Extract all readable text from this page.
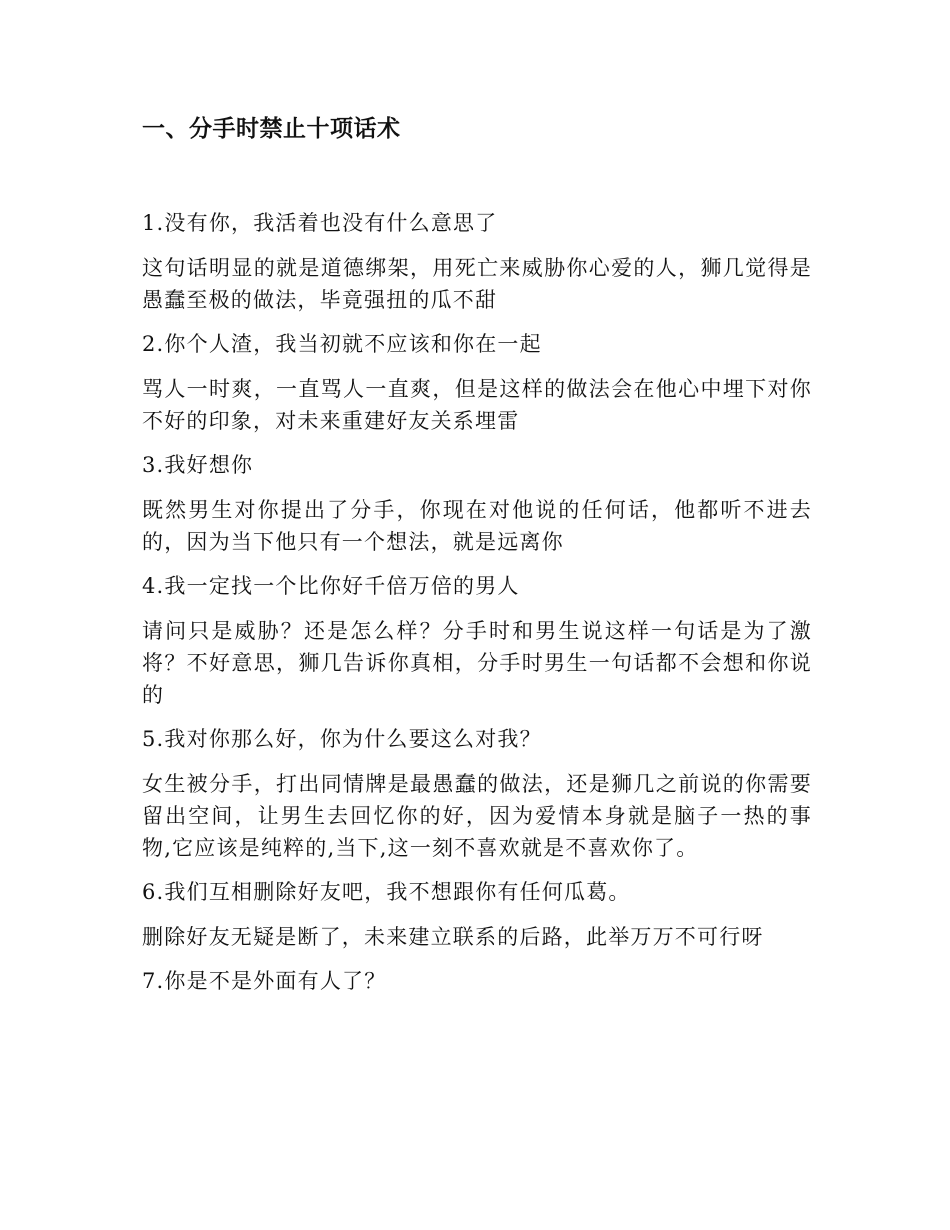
一、分手时禁止十项话术

1.没有你，我活着也没有什么意思了

这句话明显的就是道德绑架，用死亡来威胁你心爱的人，狮几觉得是愚蠢至极的做法，毕竟强扭的瓜不甜

2.你个人渣，我当初就不应该和你在一起

骂人一时爽，一直骂人一直爽，但是这样的做法会在他心中埋下对你不好的印象，对未来重建好友关系埋雷

3.我好想你

既然男生对你提出了分手，你现在对他说的任何话，他都听不进去的，因为当下他只有一个想法，就是远离你

4.我一定找一个比你好千倍万倍的男人

请问只是威胁？还是怎么样？分手时和男生说这样一句话是为了激将？不好意思，狮几告诉你真相，分手时男生一句话都不会想和你说的

5.我对你那么好，你为什么要这么对我？

女生被分手，打出同情牌是最愚蠢的做法，还是狮几之前说的你需要留出空间，让男生去回忆你的好，因为爱情本身就是脑子一热的事物,它应该是纯粹的,当下,这一刻不喜欢就是不喜欢你了。

6.我们互相删除好友吧，我不想跟你有任何瓜葛。

删除好友无疑是断了，未来建立联系的后路，此举万万不可行呀

7.你是不是外面有人了？
